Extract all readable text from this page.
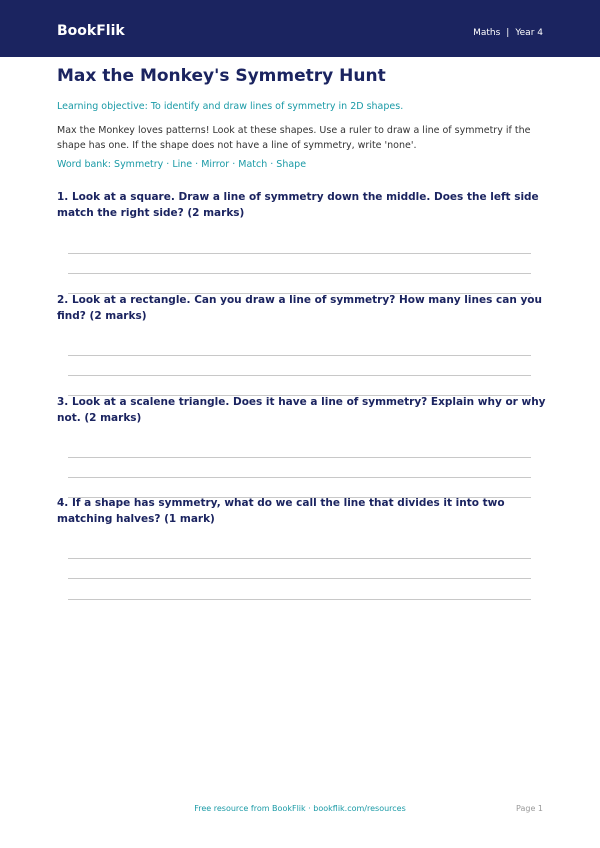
BookFlik	Maths | Year 4
Max the Monkey's Symmetry Hunt
Learning objective: To identify and draw lines of symmetry in 2D shapes.
Max the Monkey loves patterns! Look at these shapes. Use a ruler to draw a line of symmetry if the shape has one. If the shape does not have a line of symmetry, write 'none'.
Word bank: Symmetry · Line · Mirror · Match · Shape
1. Look at a square. Draw a line of symmetry down the middle. Does the left side match the right side? (2 marks)
2. Look at a rectangle. Can you draw a line of symmetry? How many lines can you find? (2 marks)
3. Look at a scalene triangle. Does it have a line of symmetry? Explain why or why not. (2 marks)
4. If a shape has symmetry, what do we call the line that divides it into two matching halves? (1 mark)
Free resource from BookFlik · bookflik.com/resources	Page 1
